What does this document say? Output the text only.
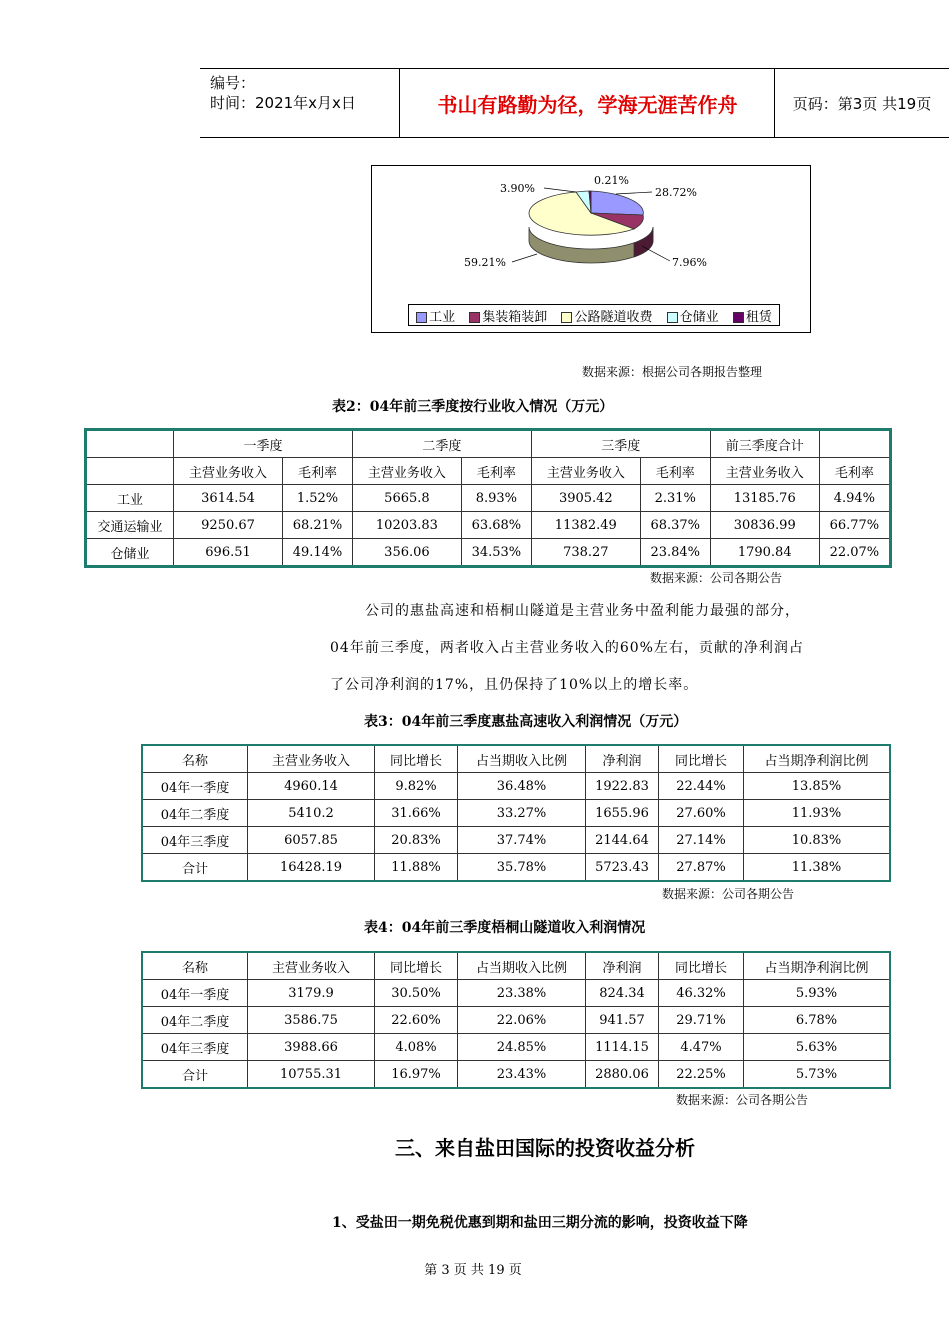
编号：
时间：2021年x月x日	书山有路勤为径，学海无涯苦作舟	页码：第3页 共19页
0.21%
28.72%
7.96%
59.21%
3.90%
工业	集装箱装卸	公路隧道收费	仓储业	租赁
数据来源：根据公司各期报告整理
表2：04年前三季度按行业收入情况（万元）
	一季度		二季度		三季度		前三季度合计	
	主营业务收入	毛利率	主营业务收入	毛利率	主营业务收入	毛利率	主营业务收入	毛利率
工业	3614.54	1.52%	5665.8	8.93%	3905.42	2.31%	13185.76	4.94%
交通运输业	9250.67	68.21%	10203.83	63.68%	11382.49	68.37%	30836.99	66.77%
仓储业	696.51	49.14%	356.06	34.53%	738.27	23.84%	1790.84	22.07%
数据来源：公司各期公告
公司的惠盐高速和梧桐山隧道是主营业务中盈利能力最强的部分，
04年前三季度，两者收入占主营业务收入的60%左右，贡献的净利润占
了公司净利润的17%，且仍保持了10%以上的增长率。
表3：04年前三季度惠盐高速收入利润情况（万元）
名称	主营业务收入	同比增长	占当期收入比例	净利润	同比增长	占当期净利润比例
04年一季度	4960.14	9.82%	36.48%	1922.83	22.44%	13.85%
04年二季度	5410.2	31.66%	33.27%	1655.96	27.60%	11.93%
04年三季度	6057.85	20.83%	37.74%	2144.64	27.14%	10.83%
合计	16428.19	11.88%	35.78%	5723.43	27.87%	11.38%
数据来源：公司各期公告
表4：04年前三季度梧桐山隧道收入利润情况
名称	主营业务收入	同比增长	占当期收入比例	净利润	同比增长	占当期净利润比例
04年一季度	3179.9	30.50%	23.38%	824.34	46.32%	5.93%
04年二季度	3586.75	22.60%	22.06%	941.57	29.71%	6.78%
04年三季度	3988.66	4.08%	24.85%	1114.15	4.47%	5.63%
合计	10755.31	16.97%	23.43%	2880.06	22.25%	5.73%
数据来源：公司各期公告
三、来自盐田国际的投资收益分析
1、受盐田一期免税优惠到期和盐田三期分流的影响，投资收益下降
第 3 页 共 19 页
